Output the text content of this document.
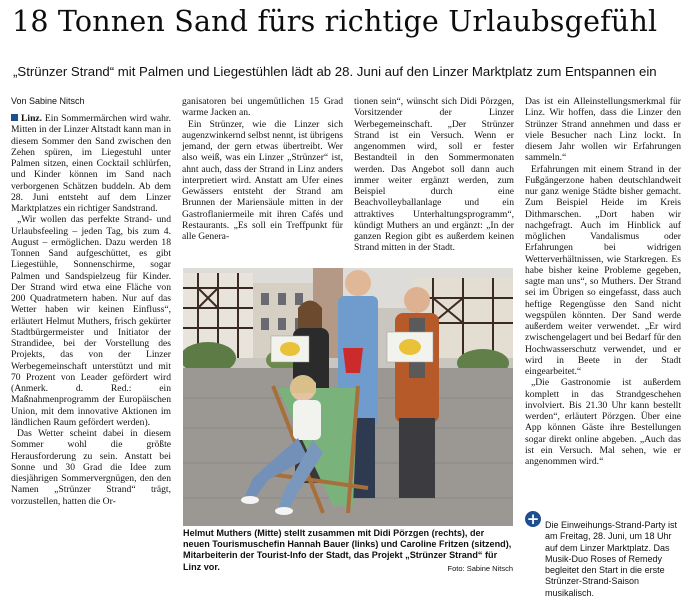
18 Tonnen Sand fürs richtige Urlaubsgefühl
„Strünzer Strand“ mit Palmen und Liegestühlen lädt ab 28. Juni auf den Linzer Marktplatz zum Entspannen ein
Von Sabine Nitsch

Linz. Ein Sommermärchen wird wahr. Mitten in der Linzer Altstadt kann man in diesem Sommer den Sand zwischen den Zehen spüren, im Liegestuhl unter Palmen sitzen, einen Cocktail schlürfen, und Kinder können im Sand nach verborgenen Schätzen buddeln. Ab dem 28. Juni entsteht auf dem Linzer Marktplatzes ein richtiger Sandstrand.

„Wir wollen das perfekte Strand- und Urlaubsfeeling – jeden Tag, bis zum 4. August – ermöglichen. Dazu werden 18 Tonnen Sand aufgeschüttet, es gibt Liegestühle, Sonnenschirme, sogar Palmen und Sandspielzeug für Kinder. Der Strand wird etwa eine Fläche von 200 Quadratmetern haben. Nur auf das Wetter haben wir keinen Einfluss“, erläutert Helmut Muthers, frisch gekürter Stadtbürgermeister und Initiator der Strandidee, bei der Vorstellung des Projekts, das von der Linzer Werbegemeinschaft unterstützt und mit 70 Prozent von Leader gefördert wird (Anmerk. d. Red.: ein Maßnahmenprogramm der Europäischen Union, mit dem innovative Aktionen im ländlichen Raum gefördert werden).

Das Wetter scheint dabei in diesem Sommer wohl die größte Herausforderung zu sein. Anstatt bei Sonne und 30 Grad die Idee zum diesjährigen Sommervergnügen, den den Namen „Strünzer Strand“ trägt, vorzustellen, hatten die Or-

ganisatoren bei ungemütlichen 15 Grad warme Jacken an.

Ein Strünzer, wie die Linzer sich augenzwinkernd selbst nennt, ist übrigens jemand, der gern etwas übertreibt. Wer also weiß, was ein Linzer „Strünzer“ ist, ahnt auch, dass der Strand in Linz anders interpretiert wird. Anstatt am Ufer eines Gewässers entsteht der Strand am Brunnen der Mariensäule mitten in der Gastroflaniermeile mit ihren Cafés und Restaurants. „Es soll ein Treffpunkt für alle Genera-

tionen sein“, wünscht sich Didi Pörzgen, Vorsitzender der Linzer Werbegemeinschaft. „Der Strünzer Strand ist ein Versuch. Wenn er angenommen wird, soll er fester Bestandteil in den Sommermonaten werden. Das Angebot soll dann auch immer weiter ergänzt werden, zum Beispiel durch eine Beachvolleyballanlage und ein attraktives Unterhaltungsprogramm“, kündigt Muthers an und ergänzt: „In der ganzen Region gibt es außerdem keinen Strand mitten in der Stadt.

Das ist ein Alleinstellungsmerkmal für Linz. Wir hoffen, dass die Linzer den Strünzer Strand annehmen und dass er viele Besucher nach Linz lockt. In diesem Jahr wollen wir Erfahrungen sammeln.“

Erfahrungen mit einem Strand in der Fußgängerzone haben deutschlandweit nur ganz wenige Städte bisher gemacht. Zum Beispiel Heide im Kreis Dithmarschen. „Dort haben wir nachgefragt. Auch im Hinblick auf möglichen Vandalismus oder Erfahrungen bei widrigen Wetterverhältnissen, wie Starkregen. Es habe bisher keine Probleme gegeben, sagte man uns“, so Muthers. Der Strand sei im Übrigen so eingefasst, dass auch heftige Regengüsse den Sand nicht wegspülen könnten. Der Sand werde außerdem weiter verwendet. „Er wird zwischengelagert und bei Bedarf für den Hochwasserschutz verwendet, und er wird in Beete in der Stadt eingearbeitet.“

„Die Gastronomie ist außerdem komplett in das Strandgeschehen involviert. Bis 21.30 Uhr kann bestellt werden“, erläutert Pörzgen. Über eine App können Gäste ihre Bestellungen sogar direkt online abgeben. „Auch das ist ein Versuch. Mal sehen, wie er angenommen wird.“

Helmut Muthers (Mitte) stellt zusammen mit Didi Pörzgen (rechts), der neuen Tourismuschefin Hannah Bauer (links) und Caroline Fritzen (sitzend), Mitarbeiterin der Tourist-Info der Stadt, das Projekt „Strünzer Strand“ für Linz vor.	Foto: Sabine Nitsch
+ Die Einweihungs-Strand-Party ist am Freitag, 28. Juni, um 18 Uhr auf dem Linzer Marktplatz. Das Musik-Duo Roses of Remedy begleitet den Start in die erste Strünzer-Strand-Saison musikalisch.
